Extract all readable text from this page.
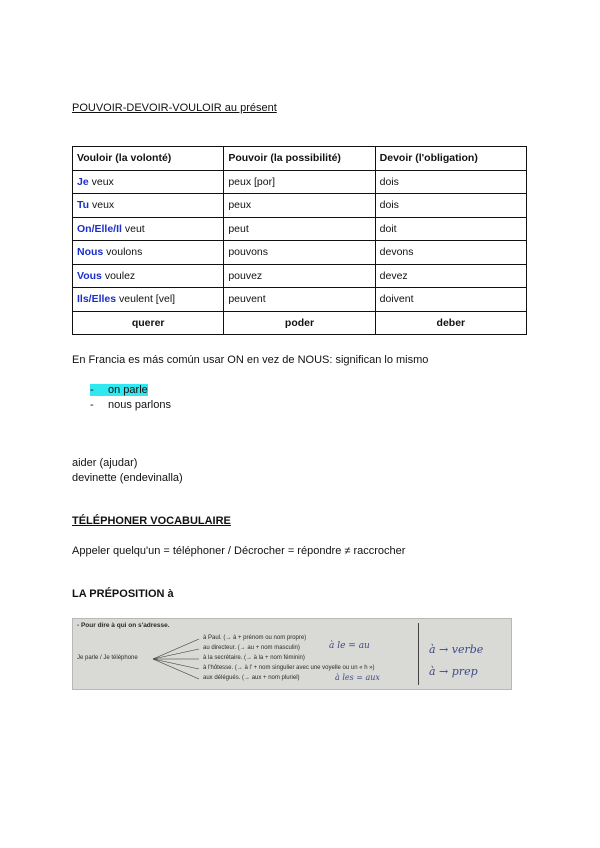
POUVOIR-DEVOIR-VOULOIR au présent
Vouloir (la volonté)	Pouvoir (la possibilité)	Devoir (l'obligation)
Je veux	peux [por]	dois
Tu veux	peux	dois
On/Elle/Il veut	peut	doit
Nous voulons	pouvons	devons
Vous voulez	pouvez	devez
Ils/Elles veulent [vel]	peuvent	doivent
querer	poder	deber
En Francia es más común usar ON en vez de NOUS: significan lo mismo
- on parle
- nous parlons
aider (ajudar)
devinette (endevinalla)
TÉLÉPHONER VOCABULAIRE
Appeler quelqu'un = téléphoner / Décrocher = répondre ≠ raccrocher
LA PRÉPOSITION à
- Pour dire à qui on s'adresse.
Je parle / Je téléphone
à Paul. (→ à + prénom ou nom propre)
au directeur. (→ au + nom masculin)
à la secrétaire. (→ à la + nom féminin)
à l'hôtesse. (→ à l' + nom singulier avec une voyelle ou un « h »)
aux délégués. (→ aux + nom pluriel)
à le = au
à les = aux
à → verbe
à → prep
